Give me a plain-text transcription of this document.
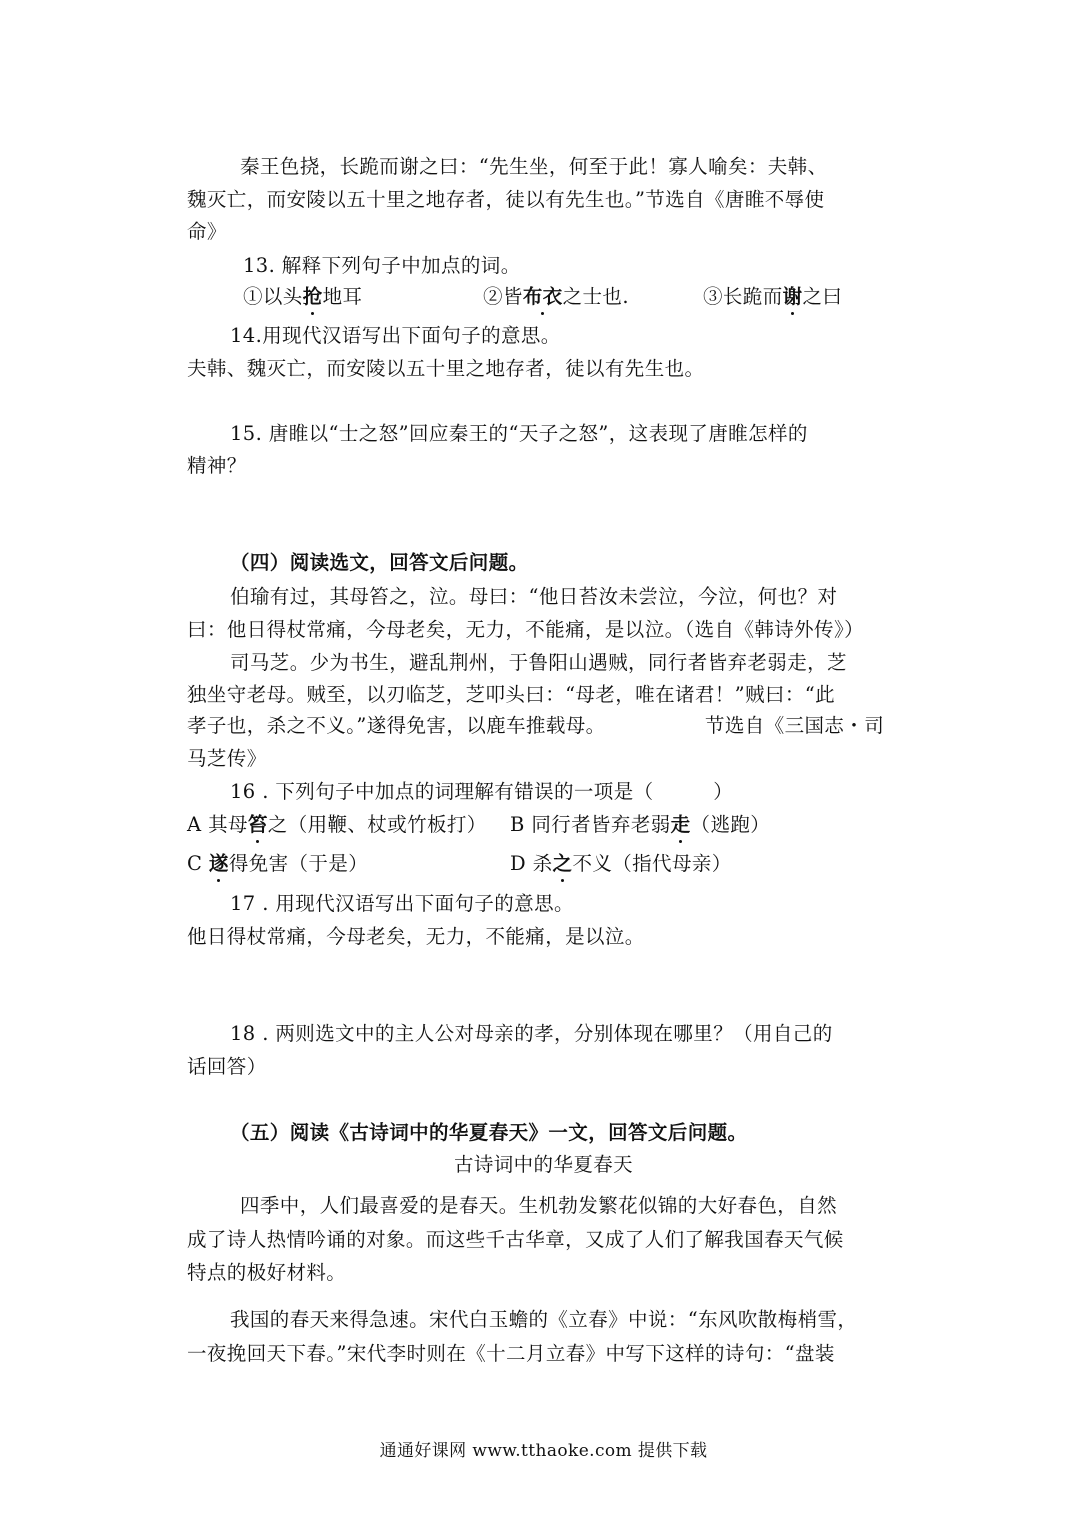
秦王色挠，长跪而谢之曰：“先生坐，何至于此！寡人喻矣：夫韩、
魏灭亡，而安陵以五十里之地存者，徒以有先生也。”节选自《唐睢不辱使
命》
13. 解释下列句子中加点的词。
①以头抢地耳	②皆布衣之士也.	③长跪而谢之曰
14.用现代汉语写出下面句子的意思。
夫韩、魏灭亡，而安陵以五十里之地存者，徒以有先生也。
15. 唐睢以“士之怒”回应秦王的“天子之怒”，这表现了唐睢怎样的
精神？
（四）阅读选文，回答文后问题。
伯瑜有过，其母笞之，泣。母曰：“他日苔汝未尝泣，今泣，何也？对
曰：他日得杖常痛，今母老矣，无力，不能痛，是以泣。（选自《韩诗外传》）
司马芝。少为书生，避乱荆州，于鲁阳山遇贼，同行者皆弃老弱走，芝
独坐守老母。贼至，以刃临芝，芝叩头曰：“母老，唯在诸君！”贼曰：“此
孝子也，杀之不义。”遂得免害，以鹿车推载母。	节选自《三国志・司
马芝传》
16 . 下列句子中加点的词理解有错误的一项是（　　　）
A 其母笞之（用鞭、杖或竹板打） B 同行者皆弃老弱走（逃跑）
C 遂得免害（于是）	D 杀之不义（指代母亲）
17 . 用现代汉语写出下面句子的意思。
他日得杖常痛，今母老矣，无力，不能痛，是以泣。
18 . 两则选文中的主人公对母亲的孝，分别体现在哪里？（用自己的
话回答）
（五）阅读《古诗词中的华夏春天》一文，回答文后问题。
古诗词中的华夏春天
四季中，人们最喜爱的是春天。生机勃发繁花似锦的大好春色，自然
成了诗人热情吟诵的对象。而这些千古华章，又成了人们了解我国春天气候
特点的极好材料。
我国的春天来得急速。宋代白玉蟾的《立春》中说：“东风吹散梅梢雪，
一夜挽回天下春。”宋代李时则在《十二月立春》中写下这样的诗句：“盘装
通通好课网 www.tthaoke.com 提供下载
